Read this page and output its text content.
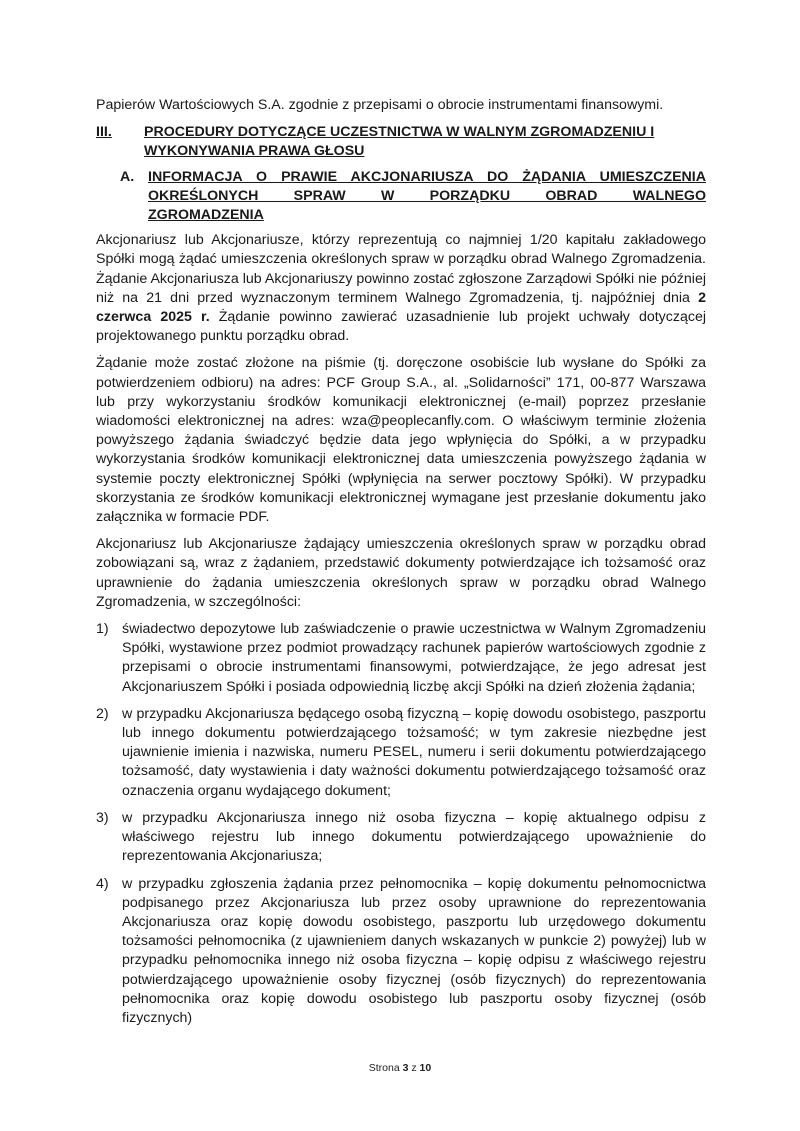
Papierów Wartościowych S.A. zgodnie z przepisami o obrocie instrumentami finansowymi.

III.	PROCEDURY DOTYCZĄCE UCZESTNICTWA W WALNYM ZGROMADZENIU I WYKONYWANIA PRAWA GŁOSU
A. INFORMACJA O PRAWIE AKCJONARIUSZA DO ŻĄDANIA UMIESZCZENIA
OKREŚLONYCH SPRAW W PORZĄDKU OBRAD WALNEGO
ZGROMADZENIA

Akcjonariusz lub Akcjonariusze, którzy reprezentują co najmniej 1/20 kapitału zakładowego Spółki mogą żądać umieszczenia określonych spraw w porządku obrad Walnego Zgromadzenia. Żądanie Akcjonariusza lub Akcjonariuszy powinno zostać zgłoszone Zarządowi Spółki nie później niż na 21 dni przed wyznaczonym terminem Walnego Zgromadzenia, tj. najpóźniej dnia 2 czerwca 2025 r. Żądanie powinno zawierać uzasadnienie lub projekt uchwały dotyczącej projektowanego punktu porządku obrad.

Żądanie może zostać złożone na piśmie (tj. doręczone osobiście lub wysłane do Spółki za potwierdzeniem odbioru) na adres: PCF Group S.A., al. „Solidarności” 171, 00-877 Warszawa lub przy wykorzystaniu środków komunikacji elektronicznej (e-mail) poprzez przesłanie wiadomości elektronicznej na adres: wza@peoplecanfly.com. O właściwym terminie złożenia powyższego żądania świadczyć będzie data jego wpłynięcia do Spółki, a w przypadku wykorzystania środków komunikacji elektronicznej data umieszczenia powyższego żądania w systemie poczty elektronicznej Spółki (wpłynięcia na serwer pocztowy Spółki). W przypadku skorzystania ze środków komunikacji elektronicznej wymagane jest przesłanie dokumentu jako załącznika w formacie PDF.

Akcjonariusz lub Akcjonariusze żądający umieszczenia określonych spraw w porządku obrad zobowiązani są, wraz z żądaniem, przedstawić dokumenty potwierdzające ich tożsamość oraz uprawnienie do żądania umieszczenia określonych spraw w porządku obrad Walnego Zgromadzenia, w szczególności:

1) świadectwo depozytowe lub zaświadczenie o prawie uczestnictwa w Walnym Zgromadzeniu Spółki, wystawione przez podmiot prowadzący rachunek papierów wartościowych zgodnie z przepisami o obrocie instrumentami finansowymi, potwierdzające, że jego adresat jest Akcjonariuszem Spółki i posiada odpowiednią liczbę akcji Spółki na dzień złożenia żądania;

2) w przypadku Akcjonariusza będącego osobą fizyczną – kopię dowodu osobistego, paszportu lub innego dokumentu potwierdzającego tożsamość; w tym zakresie niezbędne jest ujawnienie imienia i nazwiska, numeru PESEL, numeru i serii dokumentu potwierdzającego tożsamość, daty wystawienia i daty ważności dokumentu potwierdzającego tożsamość oraz oznaczenia organu wydającego dokument;

3) w przypadku Akcjonariusza innego niż osoba fizyczna – kopię aktualnego odpisu z właściwego rejestru lub innego dokumentu potwierdzającego upoważnienie do reprezentowania Akcjonariusza;

4) w przypadku zgłoszenia żądania przez pełnomocnika – kopię dokumentu pełnomocnictwa podpisanego przez Akcjonariusza lub przez osoby uprawnione do reprezentowania Akcjonariusza oraz kopię dowodu osobistego, paszportu lub urzędowego dokumentu tożsamości pełnomocnika (z ujawnieniem danych wskazanych w punkcie 2) powyżej) lub w przypadku pełnomocnika innego niż osoba fizyczna – kopię odpisu z właściwego rejestru potwierdzającego upoważnienie osoby fizycznej (osób fizycznych) do reprezentowania pełnomocnika oraz kopię dowodu osobistego lub paszportu osoby fizycznej (osób fizycznych)

Strona 3 z 10
